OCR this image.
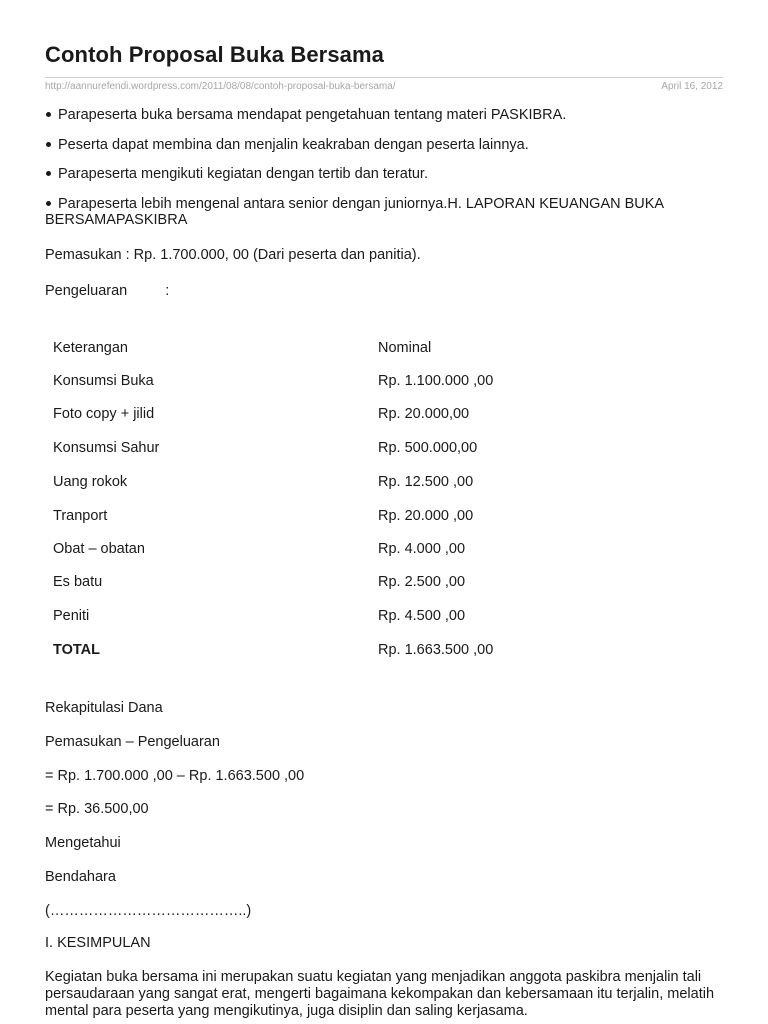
Contoh Proposal Buka Bersama
http://aannurefendi.wordpress.com/2011/08/08/contoh-proposal-buka-bersama/	April 16, 2012
Parapeserta buka bersama mendapat pengetahuan tentang materi PASKIBRA.
Peserta dapat membina dan menjalin keakraban dengan peserta lainnya.
Parapeserta mengikuti kegiatan dengan tertib dan teratur.
Parapeserta lebih mengenal antara senior dengan juniornya.H. LAPORAN KEUANGAN BUKA BERSAMAPASKIBRA
Pemasukan : Rp. 1.700.000, 00 (Dari peserta dan panitia).
Pengeluaran	:
Keterangan	Nominal
Konsumsi Buka	Rp. 1.100.000 ,00
Foto copy + jilid	Rp. 20.000,00
Konsumsi Sahur	Rp. 500.000,00
Uang rokok	Rp. 12.500 ,00
Tranport	Rp. 20.000 ,00
Obat – obatan	Rp. 4.000 ,00
Es batu	Rp. 2.500 ,00
Peniti	Rp. 4.500 ,00
TOTAL	Rp. 1.663.500 ,00
Rekapitulasi Dana
Pemasukan – Pengeluaran
= Rp. 1.700.000 ,00 – Rp. 1.663.500 ,00
= Rp. 36.500,00
Mengetahui
Bendahara
(…………………………………..)
I. KESIMPULAN
Kegiatan buka bersama ini merupakan suatu kegiatan yang menjadikan anggota paskibra menjalin tali persaudaraan yang sangat erat, mengerti bagaimana kekompakan dan kebersamaan itu terjalin, melatih mental para peserta yang mengikutinya, juga disiplin dan saling kerjasama.
